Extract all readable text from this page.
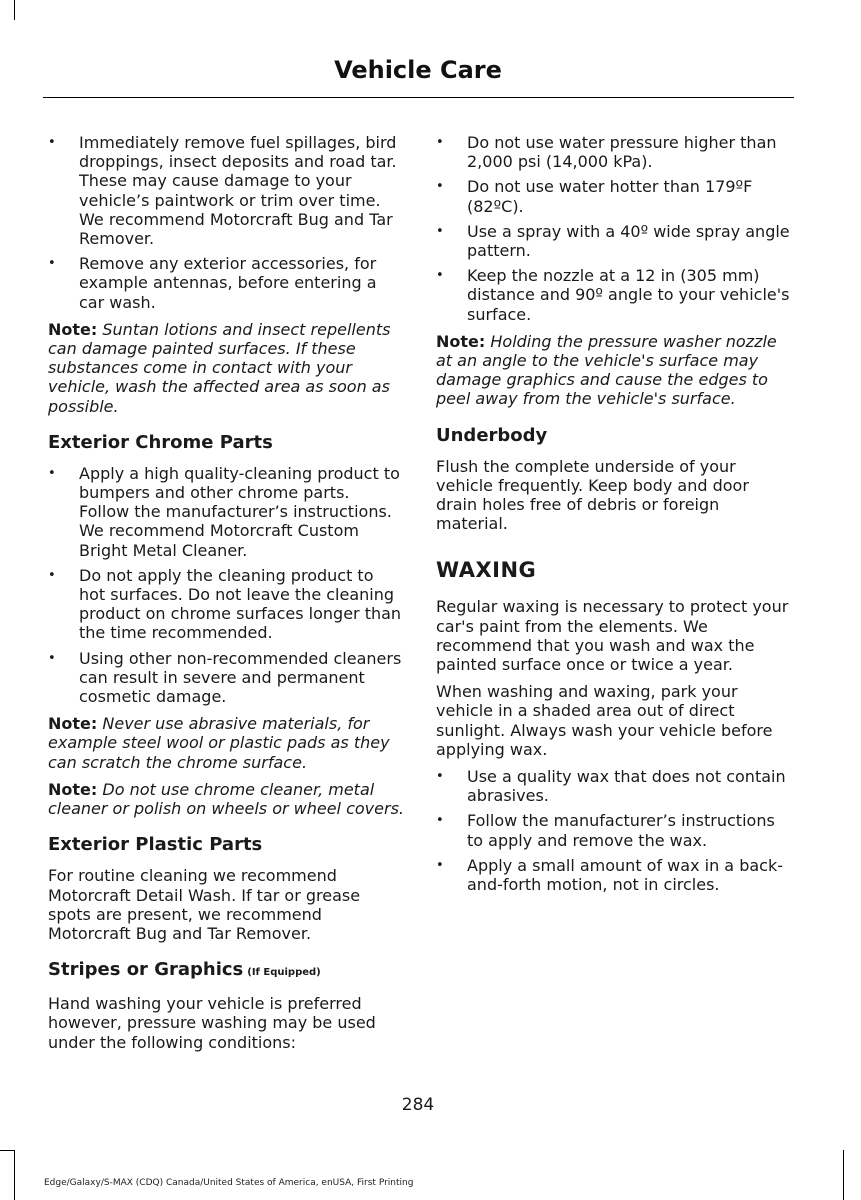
Vehicle Care
• Immediately remove fuel spillages, bird droppings, insect deposits and road tar. These may cause damage to your vehicle’s paintwork or trim over time. We recommend Motorcraft Bug and Tar Remover.
• Remove any exterior accessories, for example antennas, before entering a car wash.

Note: Suntan lotions and insect repellents can damage painted surfaces. If these substances come in contact with your vehicle, wash the affected area as soon as possible.

Exterior Chrome Parts
• Apply a high quality-cleaning product to bumpers and other chrome parts. Follow the manufacturer’s instructions. We recommend Motorcraft Custom Bright Metal Cleaner.
• Do not apply the cleaning product to hot surfaces. Do not leave the cleaning product on chrome surfaces longer than the time recommended.
• Using other non-recommended cleaners can result in severe and permanent cosmetic damage.

Note: Never use abrasive materials, for example steel wool or plastic pads as they can scratch the chrome surface.

Note: Do not use chrome cleaner, metal cleaner or polish on wheels or wheel covers.

Exterior Plastic Parts

For routine cleaning we recommend Motorcraft Detail Wash. If tar or grease spots are present, we recommend Motorcraft Bug and Tar Remover.

Stripes or Graphics (If Equipped)

Hand washing your vehicle is preferred however, pressure washing may be used under the following conditions:

• Do not use water pressure higher than 2,000 psi (14,000 kPa).
• Do not use water hotter than 179ºF (82ºC).
• Use a spray with a 40º wide spray angle pattern.
• Keep the nozzle at a 12 in (305 mm) distance and 90º angle to your vehicle's surface.

Note: Holding the pressure washer nozzle at an angle to the vehicle's surface may damage graphics and cause the edges to peel away from the vehicle's surface.

Underbody

Flush the complete underside of your vehicle frequently. Keep body and door drain holes free of debris or foreign material.

WAXING

Regular waxing is necessary to protect your car's paint from the elements. We recommend that you wash and wax the painted surface once or twice a year.

When washing and waxing, park your vehicle in a shaded area out of direct sunlight. Always wash your vehicle before applying wax.

• Use a quality wax that does not contain abrasives.
• Follow the manufacturer’s instructions to apply and remove the wax.
• Apply a small amount of wax in a back-and-forth motion, not in circles.
284
Edge/Galaxy/S-MAX (CDQ) Canada/United States of America, enUSA, First Printing
